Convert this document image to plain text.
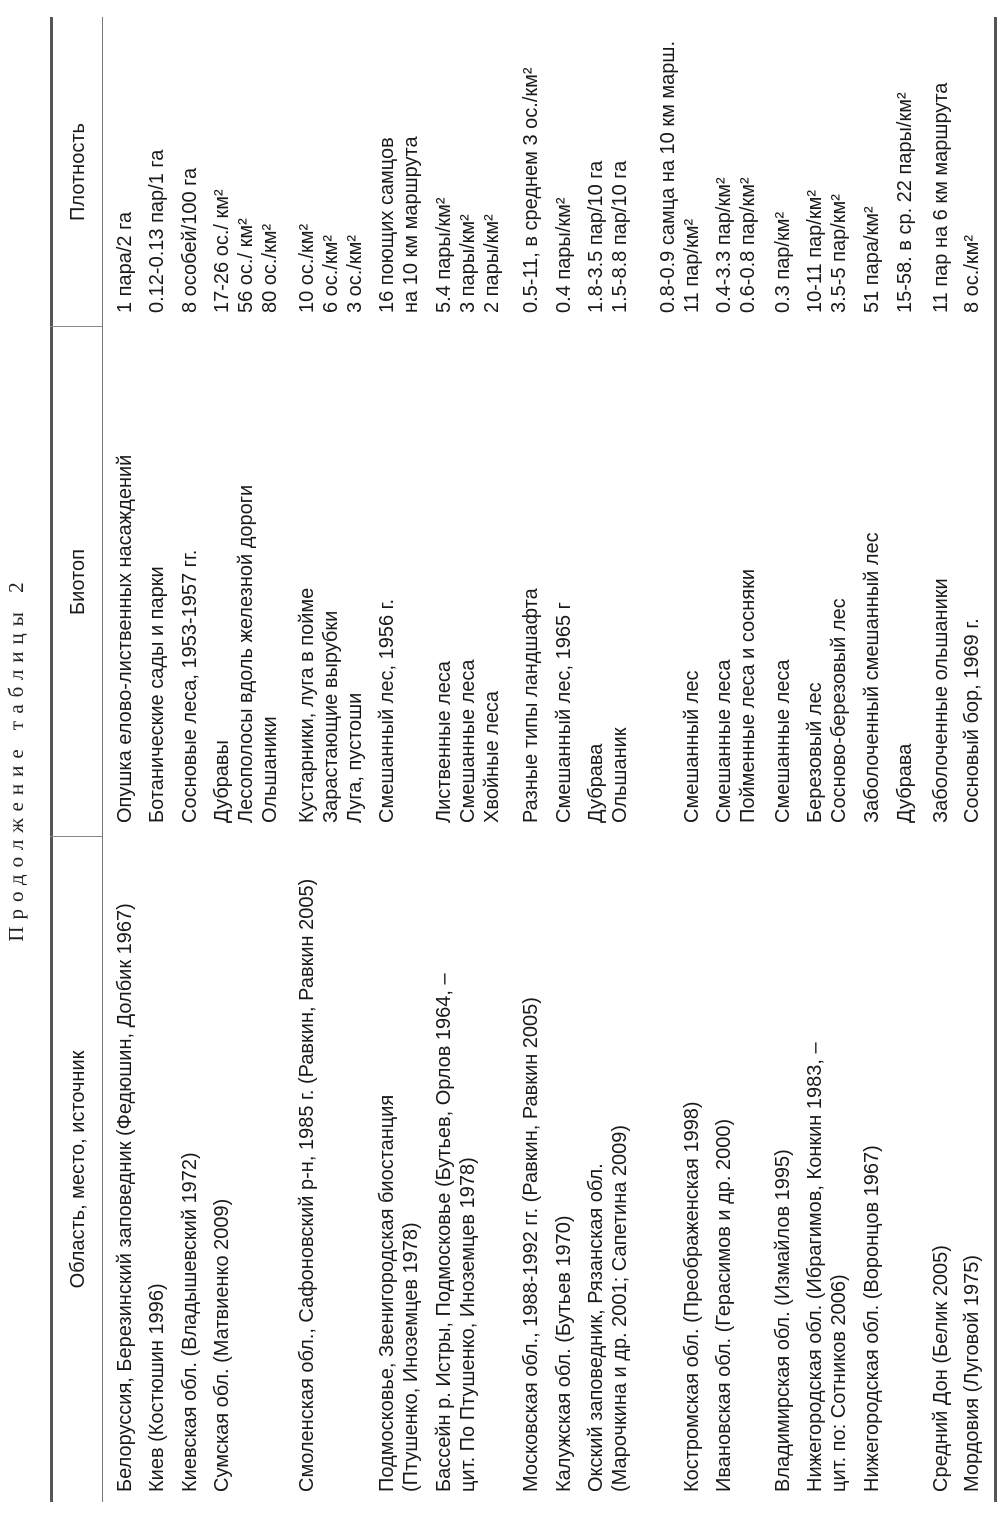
Продолжение таблицы 2
Область, место, источник
Биотоп
Плотность
Белоруссия, Березинский заповедник (Федюшин, Долбик 1967)
Опушка елово-лиственных насаждений
1 пара/2 га
Киев (Костюшин 1996)
Ботанические сады и парки
0.12-0.13 пар/1 га
Киевская обл. (Владышевский 1972)
Сосновые леса, 1953-1957 гг.
8 особей/100 га
Сумская обл. (Матвиенко 2009)
Дубравы
Лесополосы вдоль железной дороги
Ольшаники
17-26 ос./ км²
56 ос./ км²
80 ос./км²
Смоленская обл., Сафоновский р-н, 1985 г. (Равкин, Равкин 2005)
Кустарники, луга в пойме
Зарастающие вырубки
Луга, пустоши
10 ос./км²
6 ос./км²
3 ос./км²
Подмосковье, Звенигородская биостанция
(Птушенко, Иноземцев 1978)
Смешанный лес, 1956 г.
16 поющих самцов
на 10 км маршрута
Бассейн р. Истры, Подмосковье (Бутьев, Орлов 1964, –
цит. По Птушенко, Иноземцев 1978)
Лиственные леса
Смешанные леса
Хвойные леса
5.4 пары/км²
3 пары/км²
2 пары/км²
Московская обл., 1988-1992 гг. (Равкин, Равкин 2005)
Разные типы ландшафта
0.5-11, в среднем 3 ос./км²
Калужская обл. (Бутьев 1970)
Смешанный лес, 1965 г
0.4 пары/км²
Окский заповедник, Рязанская обл.
(Марочкина и др. 2001; Сапетина 2009)
Дубрава
Ольшаник
1.8-3.5 пар/10 га
1.5-8.8 пар/10 га

0.8-0.9 самца на 10 км марш.
Костромская обл. (Преображенская 1998)
Смешанный лес
11 пар/км²
Ивановская обл. (Герасимов и др. 2000)
Смешанные леса
Пойменные леса и сосняки
0.4-3.3 пар/км²
0.6-0.8 пар/км²
Владимирская обл. (Измайлов 1995)
Смешанные леса
0.3 пар/км²
Нижегородская обл. (Ибрагимов, Конкин 1983, –
цит. по: Сотников 2006)
Березовый лес
Сосново-березовый лес
10-11 пар/км²
3.5-5 пар/км²
Нижегородская обл. (Воронцов 1967)
Заболоченный смешанный лес
51 пара/км²
Дубрава
15-58. в ср. 22 пары/км²
Средний Дон (Белик 2005)
Заболоченные ольшаники
11 пар на 6 км маршрута
Мордовия (Луговой 1975)
Сосновый бор, 1969 г.
8 ос./км²
